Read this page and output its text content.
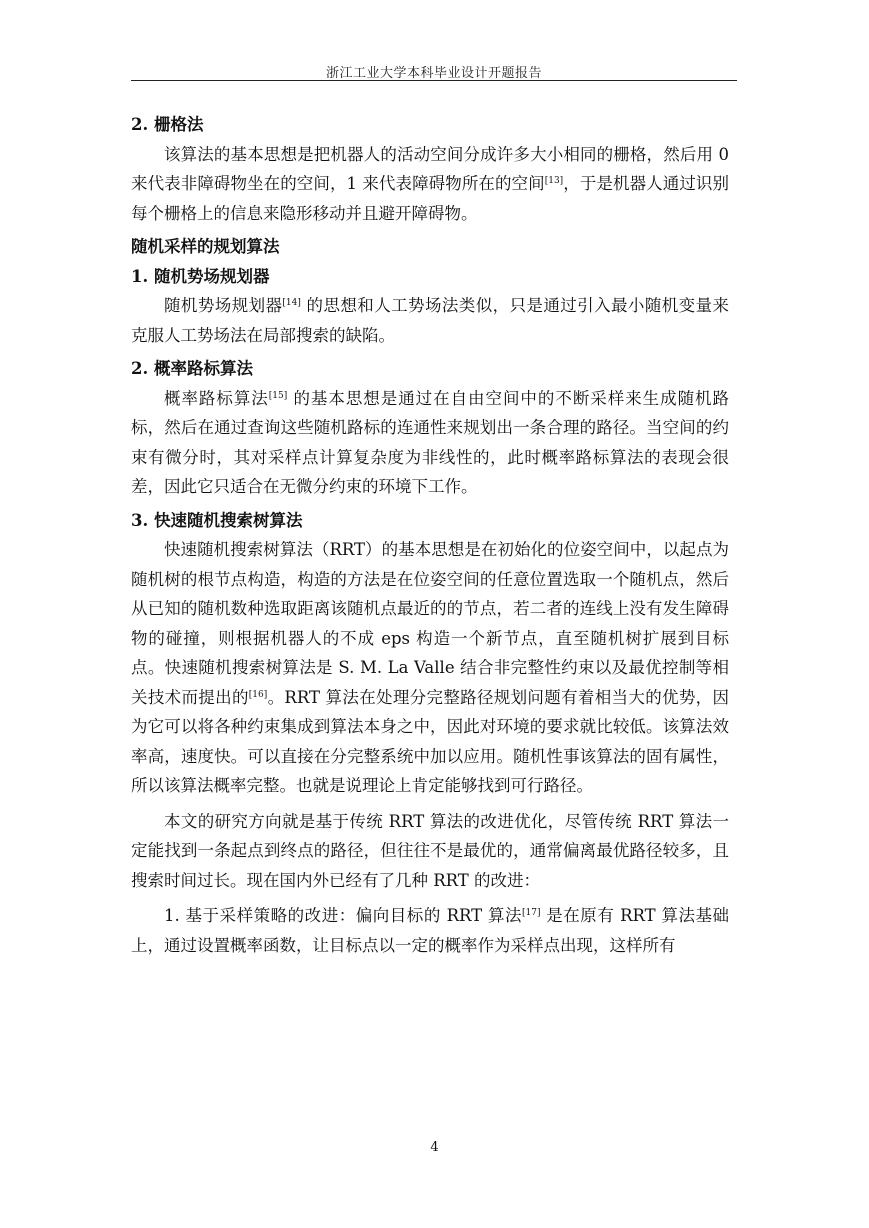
浙江工业大学本科毕业设计开题报告

2. 栅格法

该算法的基本思想是把机器人的活动空间分成许多大小相同的栅格，然后用 0 来代表非障碍物坐在的空间，1 来代表障碍物所在的空间[13]，于是机器人通过识别每个栅格上的信息来隐形移动并且避开障碍物。

随机采样的规划算法

1. 随机势场规划器

随机势场规划器[14] 的思想和人工势场法类似，只是通过引入最小随机变量来克服人工势场法在局部搜索的缺陷。

2. 概率路标算法

概率路标算法[15] 的基本思想是通过在自由空间中的不断采样来生成随机路标，然后在通过查询这些随机路标的连通性来规划出一条合理的路径。当空间的约束有微分时，其对采样点计算复杂度为非线性的，此时概率路标算法的表现会很差，因此它只适合在无微分约束的环境下工作。

3. 快速随机搜索树算法

快速随机搜索树算法（RRT）的基本思想是在初始化的位姿空间中，以起点为随机树的根节点构造，构造的方法是在位姿空间的任意位置选取一个随机点，然后从已知的随机数种选取距离该随机点最近的的节点，若二者的连线上没有发生障碍物的碰撞，则根据机器人的不成 eps 构造一个新节点，直至随机树扩展到目标点。快速随机搜索树算法是 S. M. La Valle 结合非完整性约束以及最优控制等相关技术而提出的[16]。RRT 算法在处理分完整路径规划问题有着相当大的优势，因为它可以将各种约束集成到算法本身之中，因此对环境的要求就比较低。该算法效率高，速度快。可以直接在分完整系统中加以应用。随机性事该算法的固有属性，所以该算法概率完整。也就是说理论上肯定能够找到可行路径。

本文的研究方向就是基于传统 RRT 算法的改进优化，尽管传统 RRT 算法一定能找到一条起点到终点的路径，但往往不是最优的，通常偏离最优路径较多，且搜索时间过长。现在国内外已经有了几种 RRT 的改进：

1. 基于采样策略的改进：偏向目标的 RRT 算法[17] 是在原有 RRT 算法基础上，通过设置概率函数，让目标点以一定的概率作为采样点出现，这样所有

4
